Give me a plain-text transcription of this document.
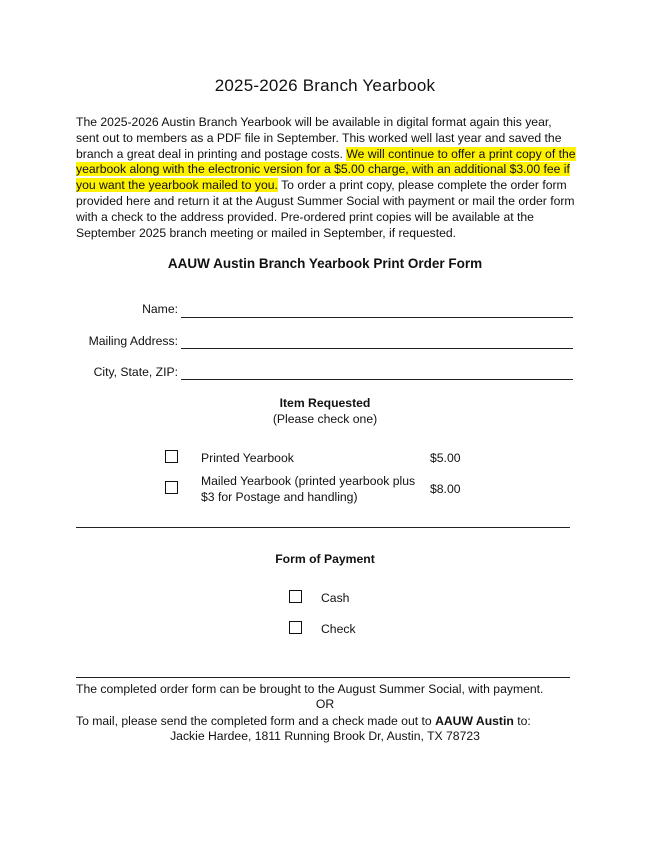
2025-2026 Branch Yearbook
The 2025-2026 Austin Branch Yearbook will be available in digital format again this year, sent out to members as a PDF file in September. This worked well last year and saved the branch a great deal in printing and postage costs. We will continue to offer a print copy of the yearbook along with the electronic version for a $5.00 charge, with an additional $3.00 fee if you want the yearbook mailed to you. To order a print copy, please complete the order form provided here and return it at the August Summer Social with payment or mail the order form with a check to the address provided. Pre-ordered print copies will be available at the September 2025 branch meeting or mailed in September, if requested.
AAUW Austin Branch Yearbook Print Order Form
Name:
Mailing Address:
City, State, ZIP:
Item Requested
(Please check one)
Printed Yearbook	$5.00
Mailed Yearbook (printed yearbook plus
$3 for Postage and handling)
$8.00
Form of Payment
Cash
Check
The completed order form can be brought to the August Summer Social, with payment.
OR
To mail, please send the completed form and a check made out to AAUW Austin to:
Jackie Hardee, 1811 Running Brook Dr, Austin, TX 78723
